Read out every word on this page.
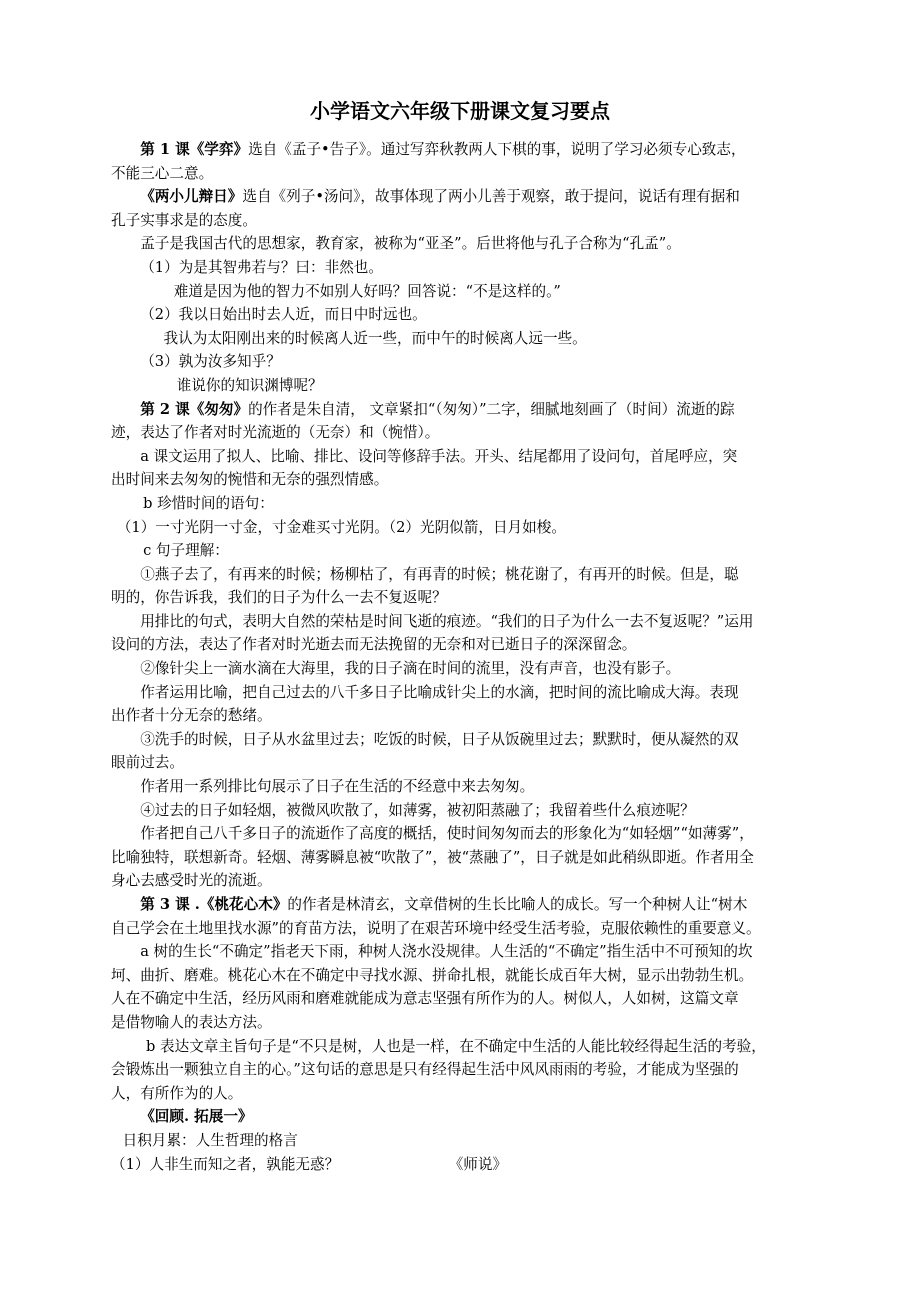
小学语文六年级下册课文复习要点

第 1 课《学弈》选自《孟子•告子》。通过写弈秋教两人下棋的事，说明了学习必须专心致志，

不能三心二意。

《两小儿辩日》选自《列子•汤问》，故事体现了两小儿善于观察，敢于提问，说话有理有据和

孔子实事求是的态度。

孟子是我国古代的思想家，教育家，被称为“亚圣”。后世将他与孔子合称为“孔孟”。

（1）为是其智弗若与？曰：非然也。

难道是因为他的智力不如别人好吗？回答说：“不是这样的。”

（2）我以日始出时去人近，而日中时远也。

我认为太阳刚出来的时候离人近一些，而中午的时候离人远一些。

（3）孰为汝多知乎？

谁说你的知识渊博呢？

第 2 课《匆匆》的作者是朱自清， 文章紧扣“（匆匆）”二字，细腻地刻画了（时间）流逝的踪

迹，表达了作者对时光流逝的（无奈）和（惋惜）。

a 课文运用了拟人、比喻、排比、设问等修辞手法。开头、结尾都用了设问句，首尾呼应，突

出时间来去匆匆的惋惜和无奈的强烈情感。

b 珍惜时间的语句：

（1）一寸光阴一寸金，寸金难买寸光阴。（2）光阴似箭，日月如梭。

c 句子理解：

①燕子去了，有再来的时候；杨柳枯了，有再青的时候；桃花谢了，有再开的时候。但是，聪

明的，你告诉我，我们的日子为什么一去不复返呢？

用排比的句式，表明大自然的荣枯是时间飞逝的痕迹。“我们的日子为什么一去不复返呢？”运用

设问的方法，表达了作者对时光逝去而无法挽留的无奈和对已逝日子的深深留念。

②像针尖上一滴水滴在大海里，我的日子滴在时间的流里，没有声音，也没有影子。

作者运用比喻，把自己过去的八千多日子比喻成针尖上的水滴，把时间的流比喻成大海。表现

出作者十分无奈的愁绪。

③洗手的时候，日子从水盆里过去；吃饭的时候，日子从饭碗里过去；默默时，便从凝然的双

眼前过去。

作者用一系列排比句展示了日子在生活的不经意中来去匆匆。

④过去的日子如轻烟，被微风吹散了，如薄雾，被初阳蒸融了；我留着些什么痕迹呢？

作者把自己八千多日子的流逝作了高度的概括，使时间匆匆而去的形象化为“如轻烟”“如薄雾”，

比喻独特，联想新奇。轻烟、薄雾瞬息被“吹散了”，被“蒸融了”，日子就是如此稍纵即逝。作者用全

身心去感受时光的流逝。

第 3 课 .《桃花心木》的作者是林清玄，文章借树的生长比喻人的成长。写一个种树人让“树木

自己学会在土地里找水源”的育苗方法，说明了在艰苦环境中经受生活考验，克服依赖性的重要意义。

a 树的生长“不确定”指老天下雨，种树人浇水没规律。人生活的“不确定”指生活中不可预知的坎

坷、曲折、磨难。桃花心木在不确定中寻找水源、拼命扎根，就能长成百年大树，显示出勃勃生机。

人在不确定中生活，经历风雨和磨难就能成为意志坚强有所作为的人。树似人，人如树，这篇文章

是借物喻人的表达方法。

b 表达文章主旨句子是“不只是树，人也是一样，在不确定中生活的人能比较经得起生活的考验，

会锻炼出一颗独立自主的心。”这句话的意思是只有经得起生活中风风雨雨的考验，才能成为坚强的

人，有所作为的人。

《回顾. 拓展一》

日积月累：人生哲理的格言

（1）人非生而知之者，孰能无惑？	《师说》
